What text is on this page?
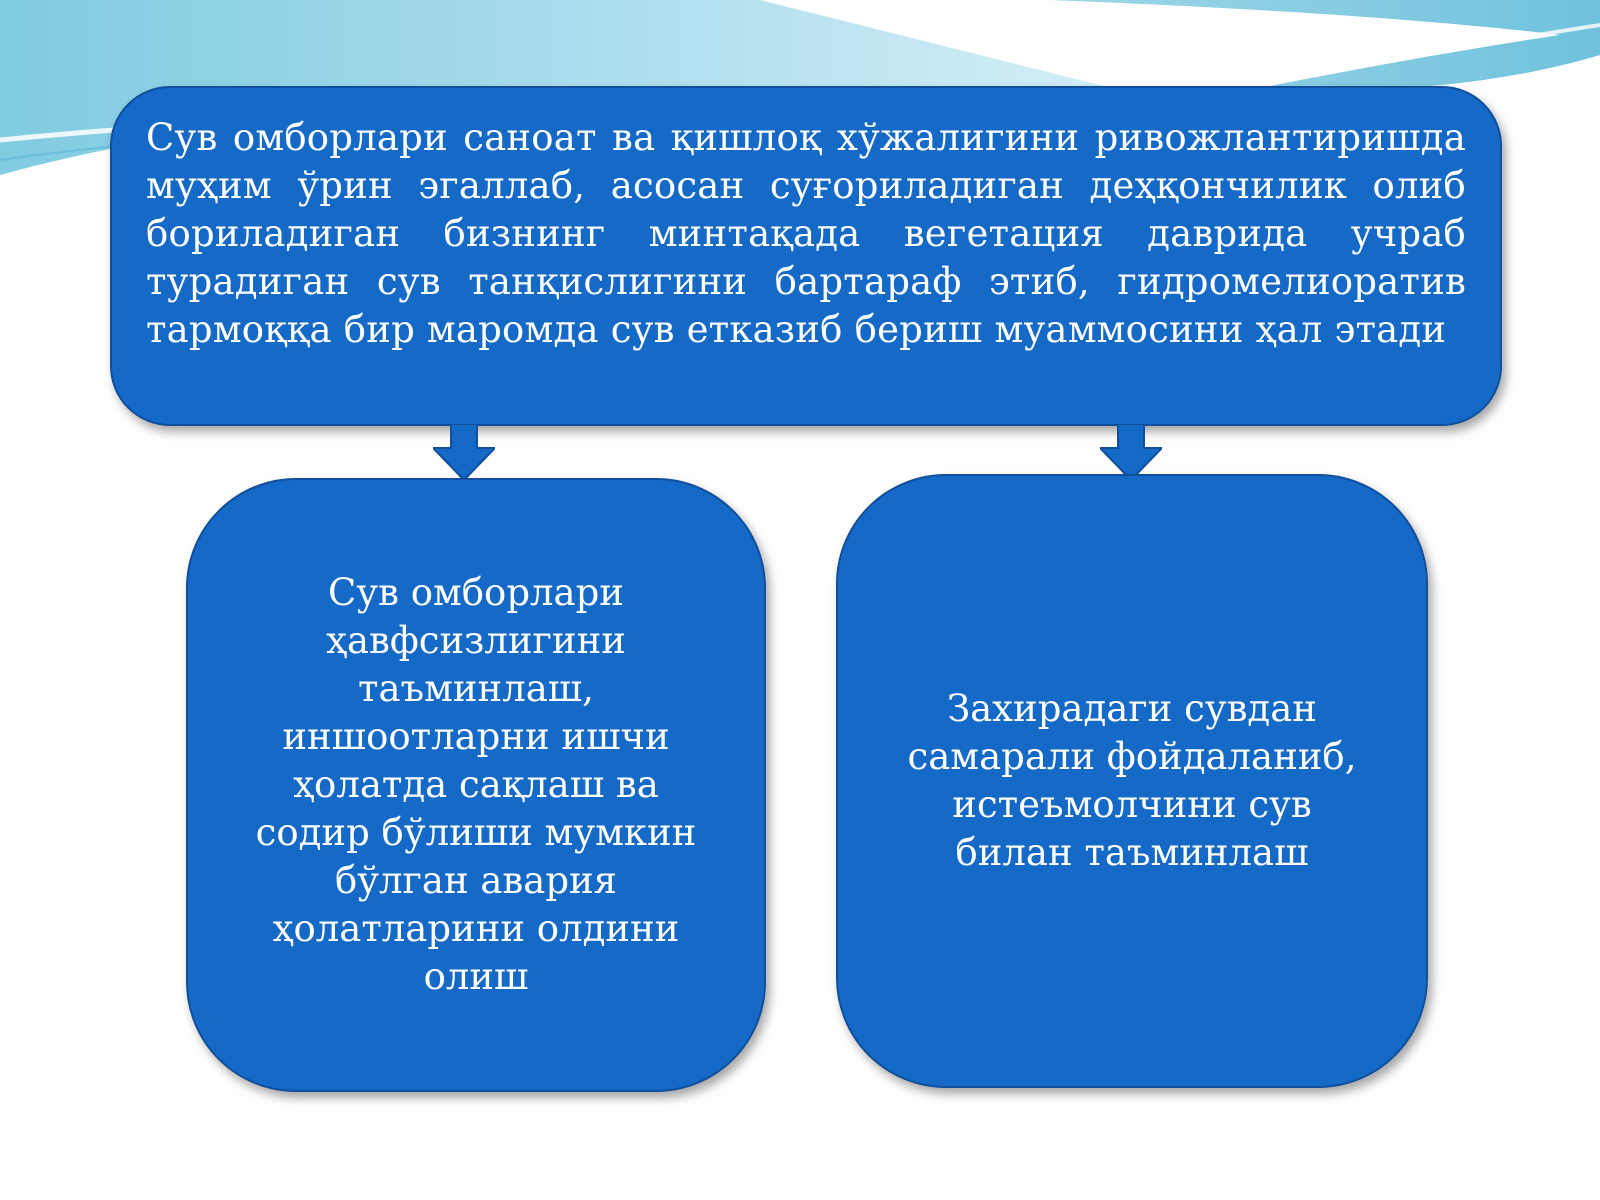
Сув омборлари саноат ва қишлоқ хўжалигини ривожлантиришда муҳим ўрин эгаллаб, асосан суғориладиган деҳқончилик олиб бориладиган бизнинг минтақада вегетация даврида учраб турадиган сув танқислигини бартараф этиб, гидромелиоратив тармоққа бир маромда сув етказиб бериш муаммосини ҳал этади
Сув омборлари
ҳавфсизлигини
таъминлаш,
иншоотларни ишчи
ҳолатда сақлаш ва
содир бўлиши мумкин
бўлган авария
ҳолатларини олдини
олиш
Захирадаги сувдан
самарали фойдаланиб,
истеъмолчини сув
билан таъминлаш
